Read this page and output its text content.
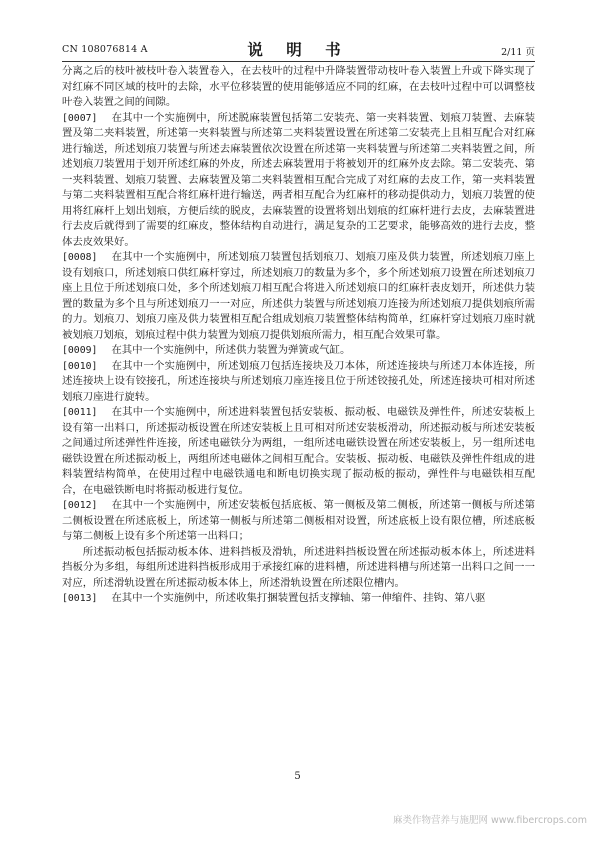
CN 108076814 A	说 明 书	2/11 页

分离之后的枝叶被枝叶卷入装置卷入，在去枝叶的过程中升降装置带动枝叶卷入装置上升或下降实现了对红麻不同区域的枝叶的去除，水平位移装置的使用能够适应不同的红麻，在去枝叶过程中可以调整枝叶卷入装置之间的间隙。

[0007] 在其中一个实施例中，所述脱麻装置包括第二安装壳、第一夹料装置、划痕刀装置、去麻装置及第二夹料装置，所述第一夹料装置与所述第二夹料装置设置在所述第二安装壳上且相互配合对红麻进行输送，所述划痕刀装置与所述去麻装置依次设置在所述第一夹料装置与所述第二夹料装置之间，所述划痕刀装置用于划开所述红麻的外皮，所述去麻装置用于将被划开的红麻外皮去除。第二安装壳、第一夹料装置、划痕刀装置、去麻装置及第二夹料装置相互配合完成了对红麻的去皮工作，第一夹料装置与第二夹料装置相互配合将红麻杆进行输送，两者相互配合为红麻杆的移动提供动力，划痕刀装置的使用将红麻杆上划出划痕，方便后续的脱皮，去麻装置的设置将划出划痕的红麻杆进行去皮，去麻装置进行去皮后就得到了需要的红麻皮，整体结构自动进行，满足复杂的工艺要求，能够高效的进行去皮，整体去皮效果好。

[0008] 在其中一个实施例中，所述划痕刀装置包括划痕刀、划痕刀座及供力装置，所述划痕刀座上设有划痕口，所述划痕口供红麻杆穿过，所述划痕刀的数量为多个，多个所述划痕刀设置在所述划痕刀座上且位于所述划痕口处，多个所述划痕刀相互配合将进入所述划痕口的红麻杆表皮划开，所述供力装置的数量为多个且与所述划痕刀一一对应，所述供力装置与所述划痕刀连接为所述划痕刀提供划痕所需的力。划痕刀、划痕刀座及供力装置相互配合组成划痕刀装置整体结构简单，红麻杆穿过划痕刀座时就被划痕刀划痕，划痕过程中供力装置为划痕刀提供划痕所需力，相互配合效果可靠。

[0009] 在其中一个实施例中，所述供力装置为弹簧或气缸。

[0010] 在其中一个实施例中，所述划痕刀包括连接块及刀本体，所述连接块与所述刀本体连接，所述连接块上设有铰接孔，所述连接块与所述划痕刀座连接且位于所述铰接孔处，所述连接块可相对所述划痕刀座进行旋转。

[0011] 在其中一个实施例中，所述进料装置包括安装板、振动板、电磁铁及弹性件，所述安装板上设有第一出料口，所述振动板设置在所述安装板上且可相对所述安装板滑动，所述振动板与所述安装板之间通过所述弹性件连接，所述电磁铁分为两组，一组所述电磁铁设置在所述安装板上，另一组所述电磁铁设置在所述振动板上，两组所述电磁体之间相互配合。安装板、振动板、电磁铁及弹性件组成的进料装置结构简单，在使用过程中电磁铁通电和断电切换实现了振动板的振动，弹性件与电磁铁相互配合，在电磁铁断电时将振动板进行复位。

[0012] 在其中一个实施例中，所述安装板包括底板、第一侧板及第二侧板，所述第一侧板与所述第二侧板设置在所述底板上，所述第一侧板与所述第二侧板相对设置，所述底板上设有限位槽，所述底板与第二侧板上设有多个所述第一出料口；

所述振动板包括振动板本体、进料挡板及滑轨，所述进料挡板设置在所述振动板本体上，所述进料挡板分为多组，每组所述进料挡板形成用于承接红麻的进料槽，所述进料槽与所述第一出料口之间一一对应，所述滑轨设置在所述振动板本体上，所述滑轨设置在所述限位槽内。

[0013] 在其中一个实施例中，所述收集打捆装置包括支撑轴、第一伸缩件、挂钩、第八驱

5
麻类作物营养与施肥网 www.fibercrops.com
